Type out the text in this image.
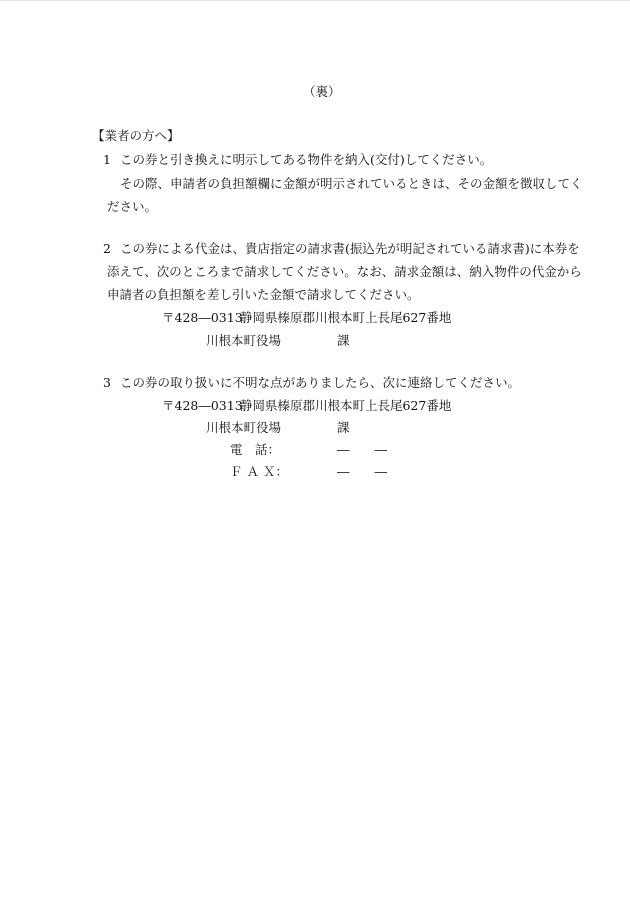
（裏）
【業者の方へ】
1 この券と引き換えに明示してある物件を納入(交付)してください。
その際、申請者の負担額欄に金額が明示されているときは、その金額を徴収してく
ださい。
2 この券による代金は、貴店指定の請求書(振込先が明記されている請求書)に本券を
添えて、次のところまで請求してください。なお、請求金額は、納入物件の代金から
申請者の負担額を差し引いた金額で請求してください。
〒428―0313
静岡県榛原郡川根本町上長尾627番地
川根本町役場	課
3 この券の取り扱いに不明な点がありましたら、次に連絡してください。
〒428―0313
静岡県榛原郡川根本町上長尾627番地
川根本町役場	課
電　話：	―　　―
Ｆ Ａ Ｘ：	―　　―
